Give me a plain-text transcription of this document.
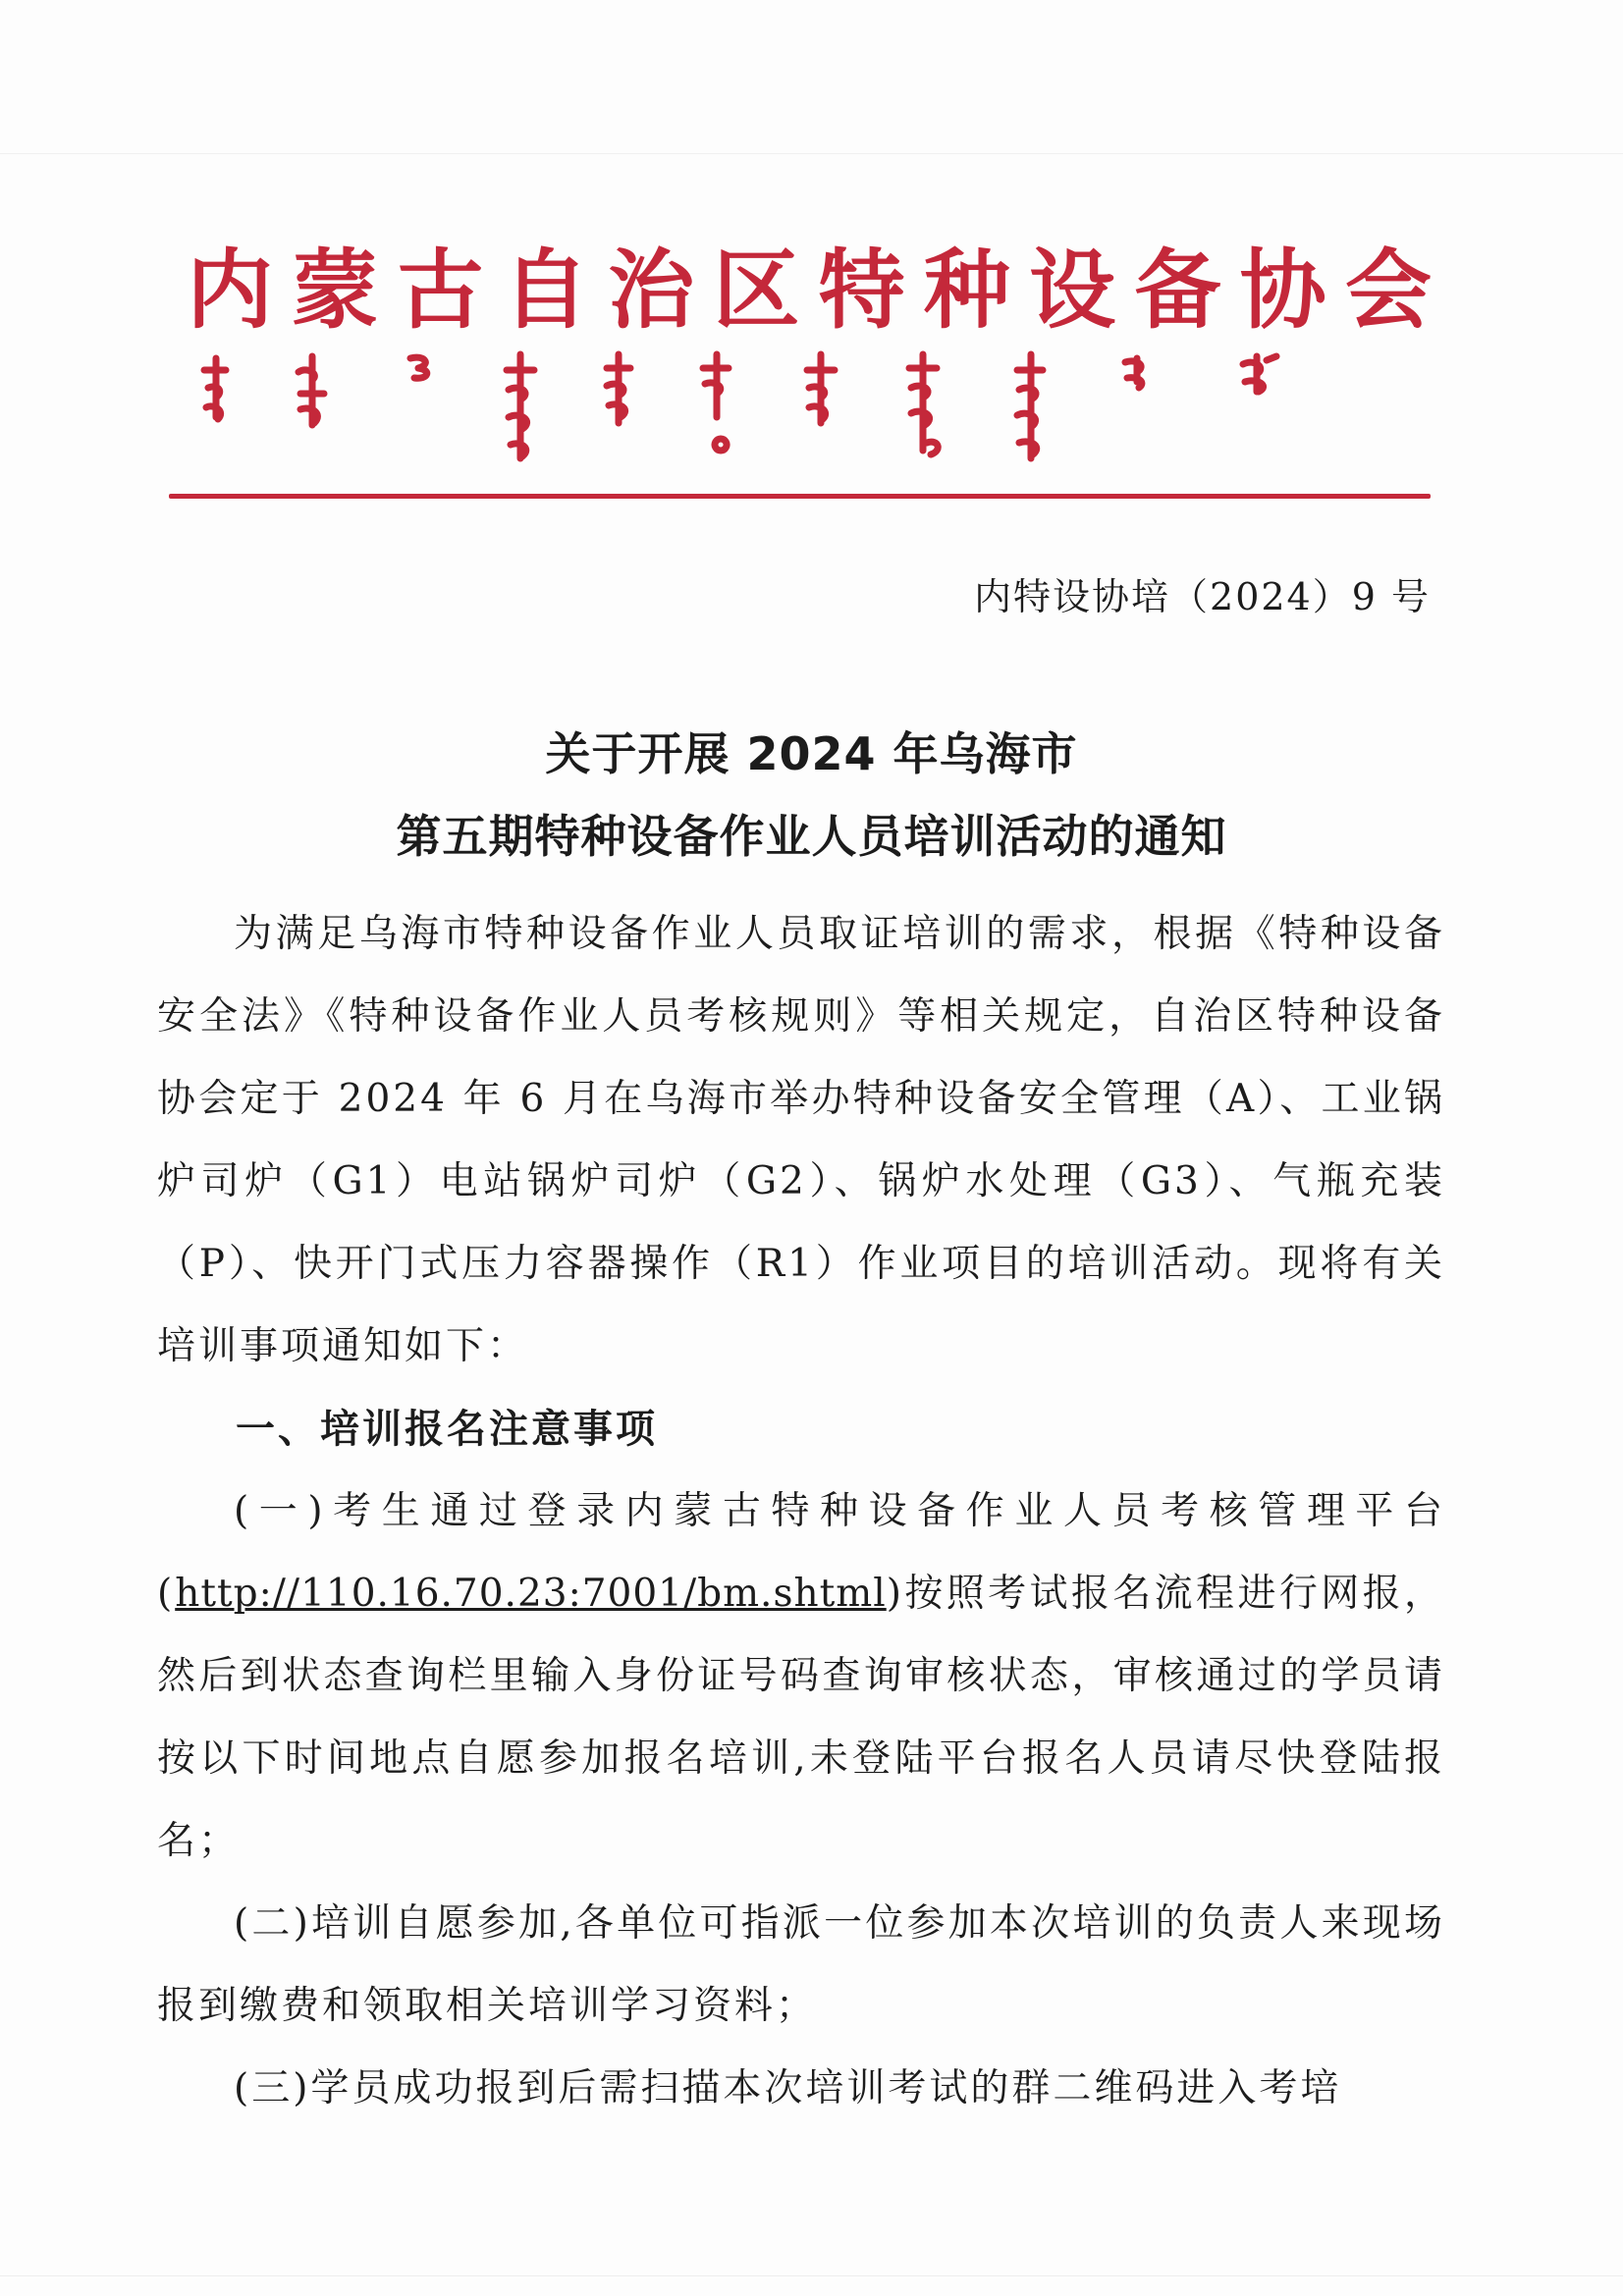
内蒙古自治区特种设备协会
内特设协培（2024）9 号
关于开展 2024 年乌海市
第五期特种设备作业人员培训活动的通知

为满足乌海市特种设备作业人员取证培训的需求，根据《特种设备安全法》《特种设备作业人员考核规则》等相关规定，自治区特种设备协会定于 2024 年 6 月在乌海市举办特种设备安全管理（A）、工业锅炉司炉（G1）电站锅炉司炉（G2）、锅炉水处理（G3）、气瓶充装（P）、快开门式压力容器操作（R1）作业项目的培训活动。现将有关培训事项通知如下：

一、培训报名注意事项

(一)考生通过登录内蒙古特种设备作业人员考核管理平台(http://110.16.70.23:7001/bm.shtml)按照考试报名流程进行网报，然后到状态查询栏里输入身份证号码查询审核状态，审核通过的学员请按以下时间地点自愿参加报名培训,未登陆平台报名人员请尽快登陆报名；

(二)培训自愿参加,各单位可指派一位参加本次培训的负责人来现场报到缴费和领取相关培训学习资料；

(三)学员成功报到后需扫描本次培训考试的群二维码进入考培
